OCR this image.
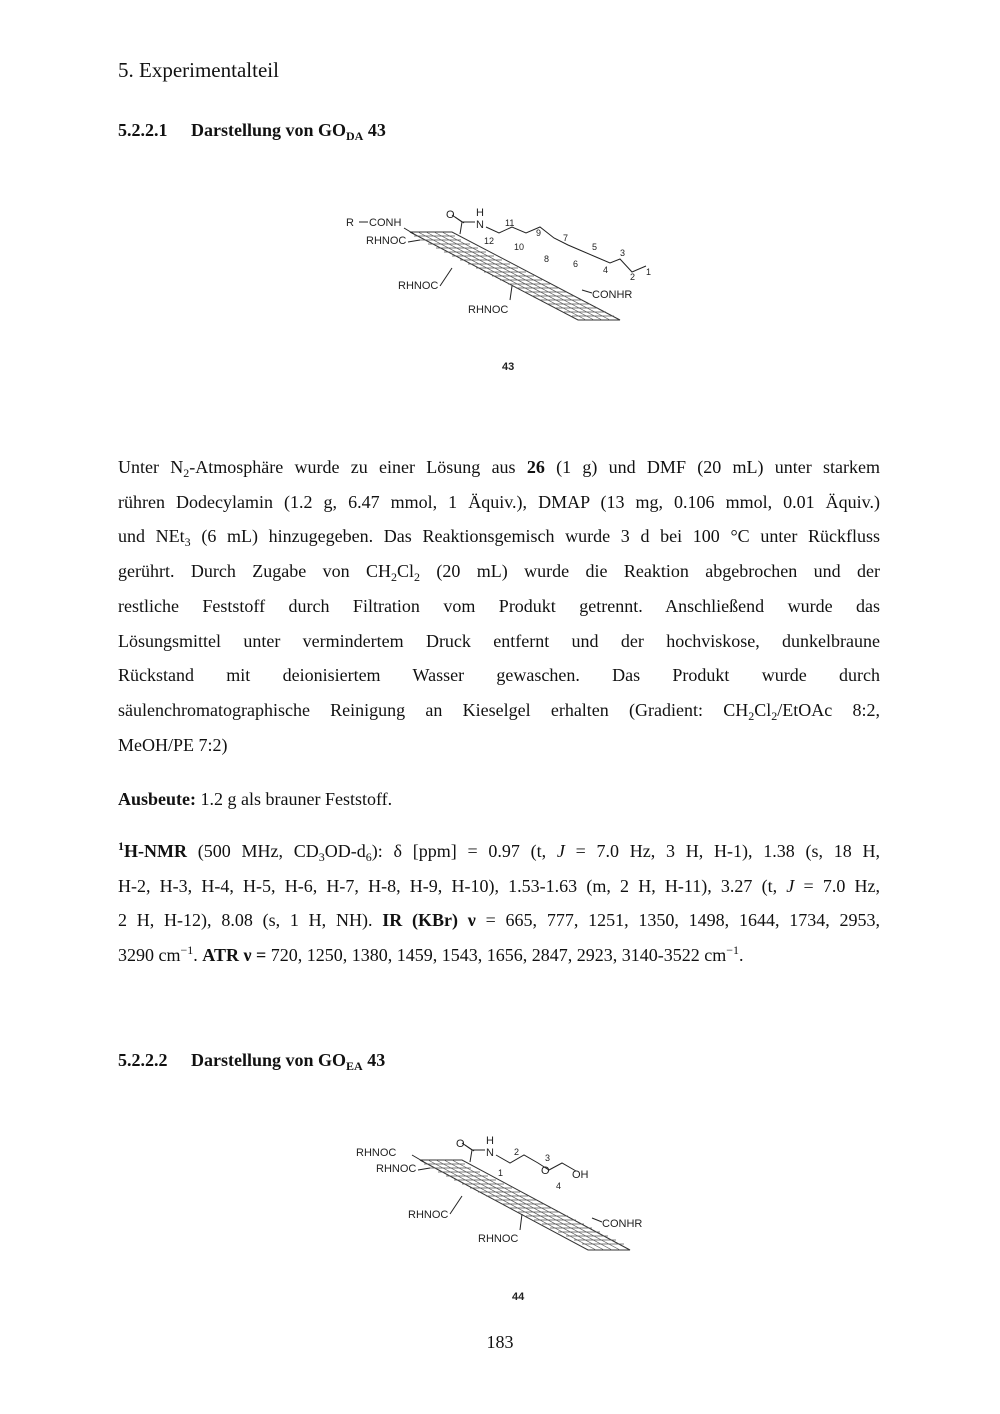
5. Experimentalteil
5.2.2.1 Darstellung von $GO_{DA}$ 43
R CONH
RHNOC
RHNOC
RHNOC
CONHR
O H
N
1
2
3
4
5
6
7
8
9
10
11
12
43
RHNOC
RHNOC
RHNOC
RHNOC
CONHR
O H
N
O OH
1
2
3
4
44

Unter $N_2$-Atmosphäre wurde zu einer Lösung aus 26 (1 g) und DMF (20 mL) unter starkem
rühren Dodecylamin (1.2 g, 6.47 mmol, 1 Äquiv.), DMAP (13 mg, 0.106 mmol, 0.01 Äquiv.)
und NEt$_3$ (6 mL) hinzugegeben. Das Reaktionsgemisch wurde 3 d bei 100 °C unter Rückfluss
gerührt. Durch Zugabe von $CH_2Cl_2$ (20 mL) wurde die Reaktion abgebrochen und der
restliche Feststoff durch Filtration vom Produkt getrennt. Anschließend wurde das
Lösungsmittel unter vermindertem Druck entfernt und der hochviskose, dunkelbraune
Rückstand mit deionisiertem Wasser gewaschen. Das Produkt wurde durch
säulenchromatographische Reinigung an Kieselgel erhalten (Gradient: $CH_2Cl_2$/EtOAc 8:2,
MeOH/PE 7:2)

Ausbeute: 1.2 g als brauner Feststoff.

$^1$H-NMR (500 MHz, $CD_3OD-d_6$): δ [ppm] = 0.97 (t, J = 7.0 Hz, 3 H, H-1), 1.38 (s, 18 H,
H-2, H-3, H-4, H-5, H-6, H-7, H-8, H-9, H-10), 1.53-1.63 (m, 2 H, H-11), 3.27 (t, J = 7.0 Hz,
2 H, H-12), 8.08 (s, 1 H, NH). IR (KBr) ν = 665, 777, 1251, 1350, 1498, 1644, 1734, 2953,
3290 $cm^{-1}$. ATR ν = 720, 1250, 1380, 1459, 1543, 1656, 2847, 2923, 3140-3522 $cm^{-1}$.

5.2.2.2 Darstellung von $GO_{EA}$ 43
183
